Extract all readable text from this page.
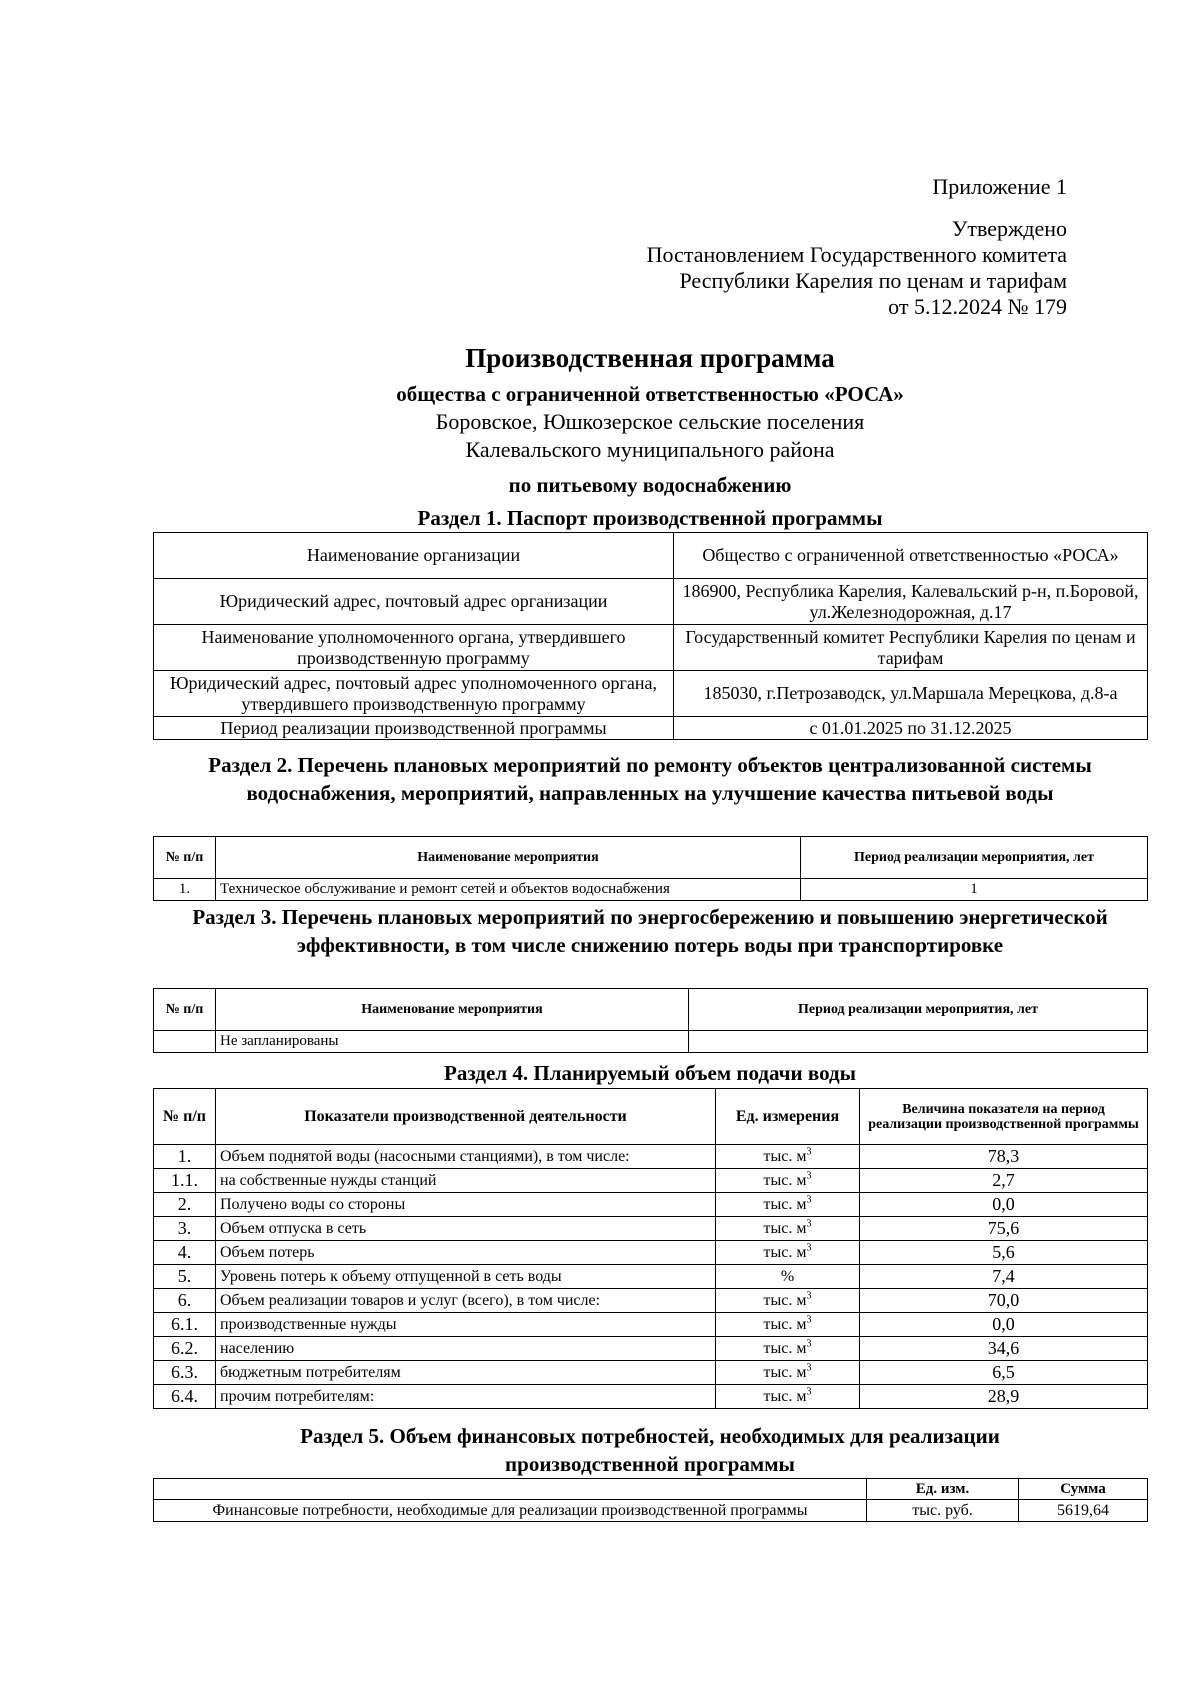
Приложение 1
Утверждено
Постановлением Государственного комитета
Республики Карелия по ценам и тарифам
от 5.12.2024 № 179
Производственная программа
общества с ограниченной ответственностью «РОСА»
Боровское, Юшкозерское сельские поселения
Калевальского муниципального района
по питьевому водоснабжению
Раздел 1. Паспорт производственной программы
Наименование организации	Общество с ограниченной ответственностью «РОСА»
Юридический адрес, почтовый адрес организации	186900, Республика Карелия, Калевальский р-н, п.Боровой, ул.Железнодорожная, д.17
Наименование уполномоченного органа, утвердившего производственную программу	Государственный комитет Республики Карелия по ценам и тарифам
Юридический адрес, почтовый адрес уполномоченного органа, утвердившего производственную программу	185030, г.Петрозаводск, ул.Маршала Мерецкова, д.8-а
Период реализации производственной программы	с 01.01.2025 по 31.12.2025
Раздел 2. Перечень плановых мероприятий по ремонту объектов централизованной системы водоснабжения, мероприятий, направленных на улучшение качества питьевой воды
№ п/п	Наименование мероприятия	Период реализации мероприятия, лет
1.	Техническое обслуживание и ремонт сетей и объектов водоснабжения	1
Раздел 3. Перечень плановых мероприятий по энергосбережению и повышению энергетической эффективности, в том числе снижению потерь воды при транспортировке
№ п/п	Наименование мероприятия	Период реализации мероприятия, лет
	Не запланированы	
Раздел 4. Планируемый объем подачи воды
№ п/п	Показатели производственной деятельности	Ед. измерения	Величина показателя на период реализации производственной программы
1.	Объем поднятой воды (насосными станциями), в том числе:	тыс. $м^3$	78,3
1.1.	на собственные нужды станций	тыс. $м^3$	2,7
2.	Получено воды со стороны	тыс. $м^3$	0,0
3.	Объем отпуска в сеть	тыс. $м^3$	75,6
4.	Объем потерь	тыс. $м^3$	5,6
5.	Уровень потерь к объему отпущенной в сеть воды	%	7,4
6.	Объем реализации товаров и услуг (всего), в том числе:	тыс. $м^3$	70,0
6.1.	производственные нужды	тыс. $м^3$	0,0
6.2.	населению	тыс. $м^3$	34,6
6.3.	бюджетным потребителям	тыс. $м^3$	6,5
6.4.	прочим потребителям:	тыс. $м^3$	28,9
Раздел 5. Объем финансовых потребностей, необходимых для реализации производственной программы
	Ед. изм.	Сумма
Финансовые потребности, необходимые для реализации производственной программы	тыс. руб.	5619,64
